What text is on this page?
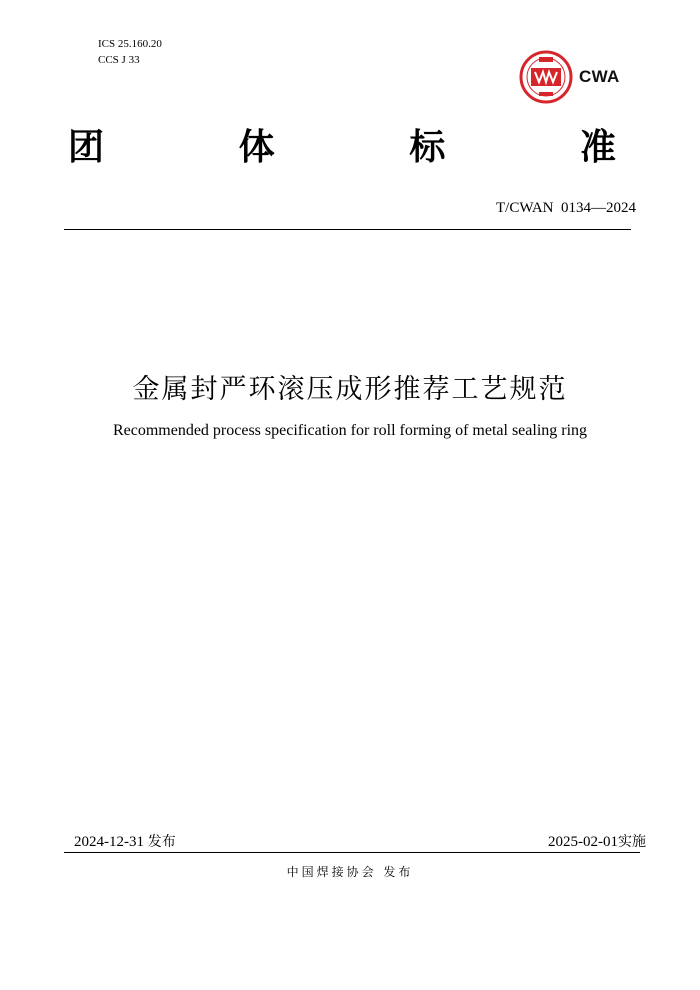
ICS 25.160.20
CCS J 33
CWA
团	体	标	准
T/CWAN  0134—2024
金属封严环滚压成形推荐工艺规范
Recommended process specification for roll forming of metal sealing ring
2024-12-31 发布	2025-02-01实施
中国焊接协会 发布
